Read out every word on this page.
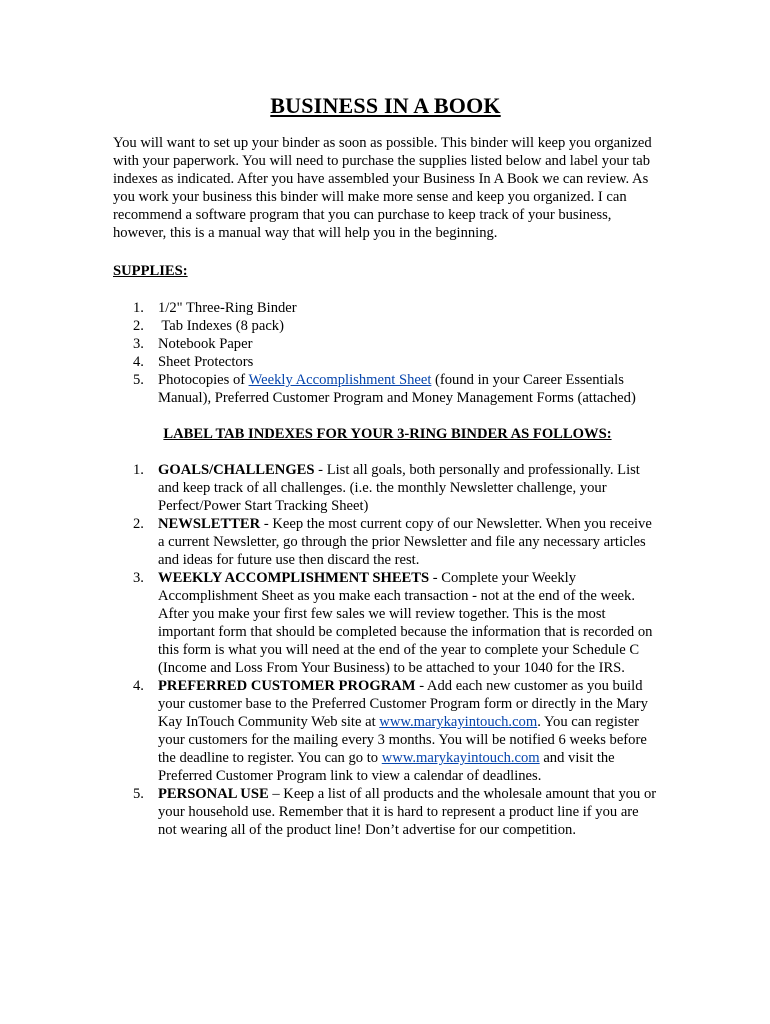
BUSINESS IN A BOOK

You will want to set up your binder as soon as possible. This binder will keep you organized with your paperwork. You will need to purchase the supplies listed below and label your tab indexes as indicated. After you have assembled your Business In A Book we can review. As you work your business this binder will make more sense and keep you organized. I can recommend a software program that you can purchase to keep track of your business, however, this is a manual way that will help you in the beginning.

SUPPLIES:
1. 1/2" Three-Ring Binder
2. Tab Indexes (8 pack)
3. Notebook Paper
4. Sheet Protectors
5. Photocopies of Weekly Accomplishment Sheet (found in your Career Essentials Manual), Preferred Customer Program and Money Management Forms (attached)
LABEL TAB INDEXES FOR YOUR 3-RING BINDER AS FOLLOWS:
1. GOALS/CHALLENGES - List all goals, both personally and professionally. List and keep track of all challenges. (i.e. the monthly Newsletter challenge, your Perfect/Power Start Tracking Sheet)
2. NEWSLETTER - Keep the most current copy of our Newsletter. When you receive a current Newsletter, go through the prior Newsletter and file any necessary articles and ideas for future use then discard the rest.
3. WEEKLY ACCOMPLISHMENT SHEETS - Complete your Weekly Accomplishment Sheet as you make each transaction - not at the end of the week. After you make your first few sales we will review together. This is the most important form that should be completed because the information that is recorded on this form is what you will need at the end of the year to complete your Schedule C (Income and Loss From Your Business) to be attached to your 1040 for the IRS.
4. PREFERRED CUSTOMER PROGRAM - Add each new customer as you build your customer base to the Preferred Customer Program form or directly in the Mary Kay InTouch Community Web site at www.marykayintouch.com. You can register your customers for the mailing every 3 months. You will be notified 6 weeks before the deadline to register. You can go to www.marykayintouch.com and visit the Preferred Customer Program link to view a calendar of deadlines.
5. PERSONAL USE – Keep a list of all products and the wholesale amount that you or your household use. Remember that it is hard to represent a product line if you are not wearing all of the product line! Don’t advertise for our competition.
